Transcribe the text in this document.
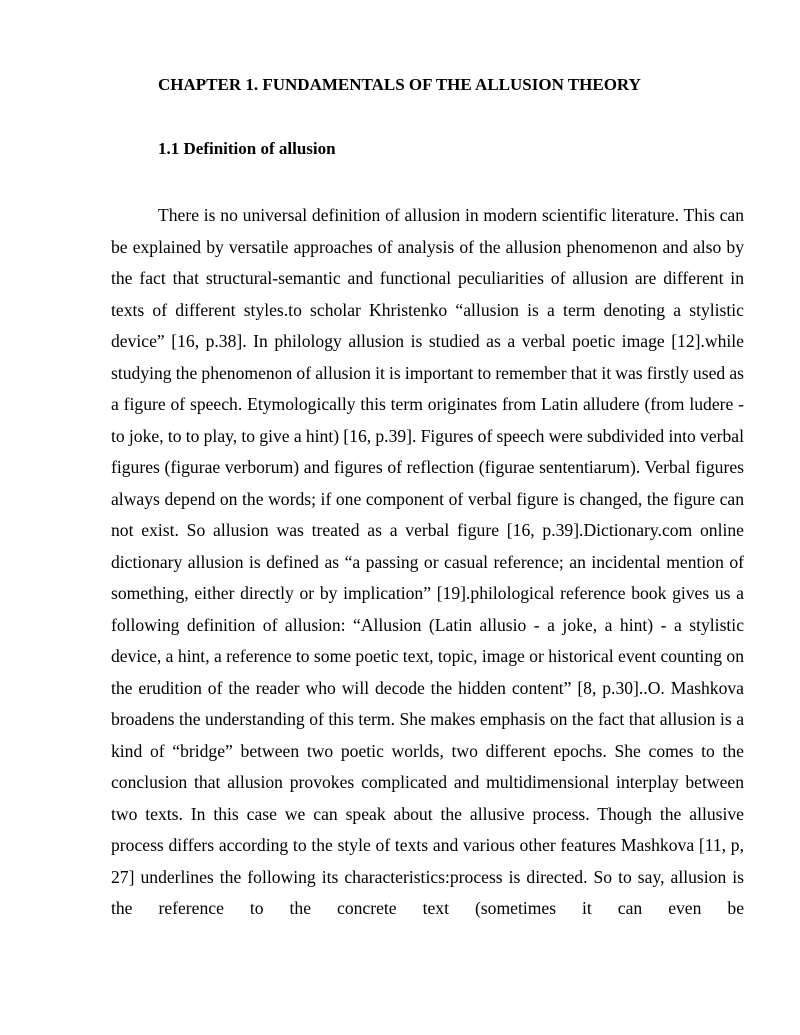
CHAPTER 1. FUNDAMENTALS OF THE ALLUSION THEORY
1.1 Definition of allusion

There is no universal definition of allusion in modern scientific literature. This can be explained by versatile approaches of analysis of the allusion phenomenon and also by the fact that structural-semantic and functional peculiarities of allusion are different in texts of different styles.to scholar Khristenko “allusion is a term denoting a stylistic device” [16, p.38]. In philology allusion is studied as a verbal poetic image [12].while studying the phenomenon of allusion it is important to remember that it was firstly used as a figure of speech. Etymologically this term originates from Latin alludere (from ludere - to joke, to to play, to give a hint) [16, p.39]. Figures of speech were subdivided into verbal figures (figurae verborum) and figures of reflection (figurae sententiarum). Verbal figures always depend on the words; if one component of verbal figure is changed, the figure can not exist. So allusion was treated as a verbal figure [16, p.39].Dictionary.com online dictionary allusion is defined as “a passing or casual reference; an incidental mention of something, either directly or by implication” [19].philological reference book gives us a following definition of allusion: “Allusion (Latin allusio - a joke, a hint) - a stylistic device, a hint, a reference to some poetic text, topic, image or historical event counting on the erudition of the reader who will decode the hidden content” [8, p.30]..O. Mashkova broadens the understanding of this term. She makes emphasis on the fact that allusion is a kind of “bridge” between two poetic worlds, two different epochs. She comes to the conclusion that allusion provokes complicated and multidimensional interplay between two texts. In this case we can speak about the allusive process. Though the allusive process differs according to the style of texts and various other features Mashkova [11, p, 27] underlines the following its characteristics:process is directed. So to say, allusion is the reference to the concrete text (sometimes it can even be
